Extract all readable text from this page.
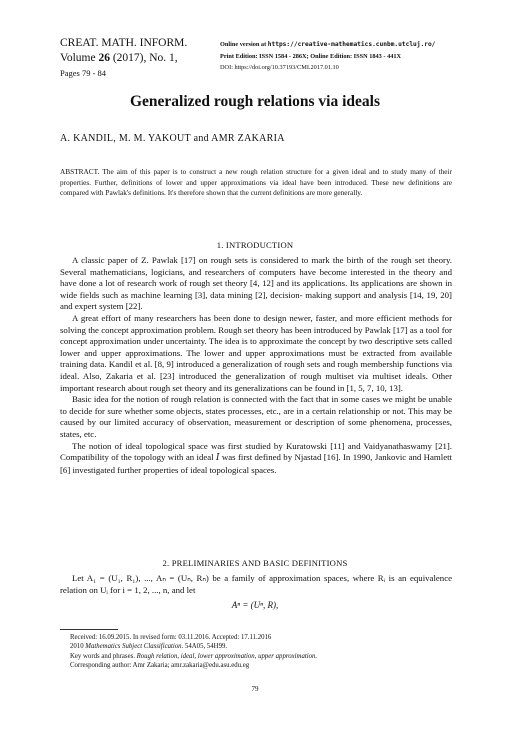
CREAT. MATH. INFORM.
Volume 26 (2017), No. 1,
Pages 79 - 84
Online version at https://creative-mathematics.cunbm.utcluj.ro/
Print Edition: ISSN 1584 - 286X; Online Edition: ISSN 1843 - 441X
DOI: https://doi.org/10.37193/CMI.2017.01.10
Generalized rough relations via ideals
A. KANDIL, M. M. YAKOUT and AMR ZAKARIA
ABSTRACT. The aim of this paper is to construct a new rough relation structure for a given ideal and to study many of their properties. Further, definitions of lower and upper approximations via ideal have been introduced. These new definitions are compared with Pawlak's definitions. It's therefore shown that the current definitions are more generally.
1. INTRODUCTION

A classic paper of Z. Pawlak [17] on rough sets is considered to mark the birth of the rough set theory. Several mathematicians, logicians, and researchers of computers have become interested in the theory and have done a lot of research work of rough set theory [4, 12] and its applications. Its applications are shown in wide fields such as machine learning [3], data mining [2], decision- making support and analysis [14, 19, 20] and expert system [22].

A great effort of many researchers has been done to design newer, faster, and more efficient methods for solving the concept approximation problem. Rough set theory has been introduced by Pawlak [17] as a tool for concept approximation under uncertainty. The idea is to approximate the concept by two descriptive sets called lower and upper approximations. The lower and upper approximations must be extracted from available training data. Kandil et al. [8, 9] introduced a generalization of rough sets and rough membership functions via ideal. Also, Zakaria et al. [23] introduced the generalization of rough multiset via multiset ideals. Other important research about rough set theory and its generalizations can be found in [1, 5, 7, 10, 13].

Basic idea for the notion of rough relation is connected with the fact that in some cases we might be unable to decide for sure whether some objects, states processes, etc., are in a certain relationship or not. This may be caused by our limited accuracy of observation, measurement or description of some phenomena, processes, states, etc.

The notion of ideal topological space was first studied by Kuratowski [11] and Vaidyanathaswamy [21]. Compatibility of the topology with an ideal I was first defined by Njastad [16]. In 1990, Jankovic and Hamlett [6] investigated further properties of ideal topological spaces.

2. PRELIMINARIES AND BASIC DEFINITIONS

Let A₁ = (U₁, R₁), ..., Aₙ = (Uₙ, Rₙ) be a family of approximation spaces, where Rᵢ is an equivalence relation on Uᵢ for i = 1, 2, ..., n, and let

Aⁿ = (Uⁿ, R),
Received: 16.09.2015. In revised form: 03.11.2016. Accepted: 17.11.2016
2010 Mathematics Subject Classification. 54A05, 54H99.
Key words and phrases. Rough relation, ideal, lower approximation, upper approximation.
Corresponding author: Amr Zakaria; amr.zakaria@edu.asu.edu.eg
79
